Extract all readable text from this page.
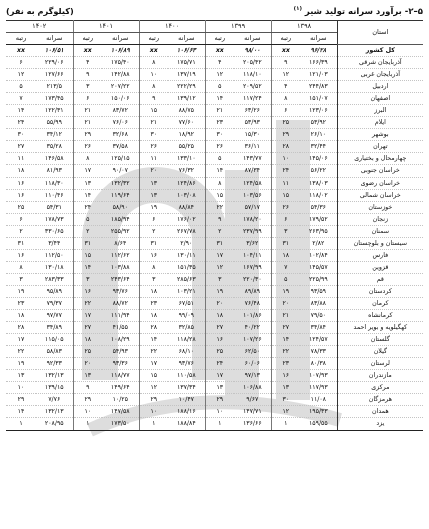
۵–۲- برآورد سرانه تولید شیر $^{(۱)}$
(کیلوگرم به نفر)
استان	۱۳۹۸		۱۳۹۹		۱۴۰۰		۱۴۰۱		۱۴۰۲	
	سرانه	رتبه	سرانه	رتبه	سرانه	رتبه	سرانه	رتبه	سرانه	رتبه
کل کشور	۹۶/۲۸	xx	۹۸/۰۰	xx	۱۰۶/۶۳	xx	۱۰۶/۸۹	xx	۱۰۶/۵۱	xx
آذربایجان شرقی	۱۶۶/۳۹	۹	۲۰۵/۴۲	۴	۱۷۵/۷۱	۸	۱۷۵/۴۰	۴	۲۲۹/۰۶	۶
آذربایجان غربی	۱۲۱/۰۳	۱۲	۱۱۸/۱۰	۱۲	۱۳۷/۱۹	۱۰	۱۴۲/۸۸	۹	۱۲۷/۶۶	۱۲
اردبیل	۲۴۴/۸۳	۴	۲۰۹/۵۲	۵	۲۲۲/۲۹	۸	۲۰۷/۲۲	۳	۲۱۳/۵	۵
اصفهان	۱۵۱/۰۷	۸	۱۱۷/۲۴	۱۴	۱۳۹/۱۲	۹	۱۵۰/۰۶	۶	۱۷۳/۴۵	۷
البرز	۱۲۳/۰۶	۶	۶۳/۲۶	۲۱	۸۸/۷۵	۱۵	۸۳/۷۲	۲۱	۱۲۲/۳۱	۱۴
ایلام	۵۳/۹۲	۲۵	۵۳/۹۳	۲۳	۷۷/۶۰	۲۱	۷۶/۰۶	۲۱	۵۵/۹۹	۲۴
بوشهر	۲۶/۱۰	۲۹	۱۵/۳۰	۳۰	۱۸/۹۲	۳۰	۳۲/۶۸	۲۹	۳۴/۱۲	۳۰
تهران	۳۲/۴۴	۲۸	۳۶/۱۱	۲۶	۵۵/۲۵	۲۶	۳۷/۵۸	۲۶	۳۵/۲۸	۲۷
چهارمحال و بختیاری	۱۴۵/۰۶	۱۰	۱۴۳/۷۷	۵	۱۳۳/۱۰	۱۱	۱۲۵/۱۵	۸	۱۴۶/۵۸	۱۱
خراسان جنوبی	۵۶/۲۲	۲۴	۸۷/۳۴	۱۴	۷۶/۳۲	۲۰	۹۰/۰۷	۱۷	۸۱/۹۳	۱۸
خراسان رضوی	۱۳۸/۰۳	۱۱	۱۲۴/۵۸	۸	۱۲۴/۸۶	۱۳	۱۳۲/۳۲	۱۳	۱۱۸/۳۰	۱۶
خراسان شمالی	۱۱۸/۰۲	۱۵	۱۰۳/۵۶	۱۵	۱۰۳/۰۸	۱۳	۱۱۹/۶۴	۱۴	۱۱۰/۴۶	۱۶
خوزستان	۵۴/۳۶	۲۶	۵۷/۱۷	۲۲	۸۸/۸۴	۱۹	۵۸/۹۰	۲۴	۵۴/۳۱	۲۵
زنجان	۱۷۹/۵۲	۶	۱۷۸/۲۰	۹	۱۷۶/۰۲	۶	۱۸۵/۹۴	۵	۱۷۸/۷۳	۶
سمنان	۲۶۳/۹۵	۳	۲۳۷/۹۹	۲	۲۶۷/۷۸	۲	۲۵۵/۹۲	۲	۳۳۰/۶۵	۲
سیستان و بلوچستان	۲/۸۲	۳۱	۳/۶۲	۳۱	۲/۹۰	۳۱	۸/۶۴	۳۱	۳/۴۴	۳۱
فارس	۱۰۲/۸۴	۱۸	۱۰۴/۱۱	۱۷	۱۳۰/۱۱	۱۶	۱۱۲/۶۲	۱۵	۱۱۲/۵۰	۱۶
قزوین	۱۴۵/۵۷	۷	۱۶۷/۹۹	۱۲	۱۵۱/۳۵	۸	۱۰۳/۸۸	۱۴	۱۳۰/۱۸	۸
قم	۲۲۵/۹۹	۵	۲۲۰/۳۰	۳	۲۸۵/۶۳	۳	۲۴۳/۶۴	۳	۲۸۳/۳۳	۳
کردستان	۹۳/۵۹	۱۹	۸۹/۸۹	۱۹	۱۰۳/۲۱	۱۸	۹۳/۷۶	۱۶	۹۵/۸۹	۱۹
کرمان	۸۳/۸۸	۲۰	۷۶/۴۸	۲۰	۶۷/۵۱	۲۳	۸۸/۷۲	۲۲	۷۹/۳۷	۲۳
کرمانشاه	۷۹/۵۰	۲۱	۱۰۱/۸۶	۱۸	۹۹/۰۹	۱۸	۱۱۱/۹۴	۱۷	۹۷/۷۷	۱۸
کهگیلویه و بویر احمد	۳۴/۸۴	۲۷	۴۰/۲۲	۲۷	۳۲/۸۵	۲۸	۴۱/۵۵	۲۷	۳۴/۸۹	۲۸
گلستان	۱۲۴/۵۷	۱۴	۱۰۷/۲۶	۱۶	۱۱۸/۲۸	۱۴	۱۰۸/۲۹	۱۸	۱۱۵/۰۵	۱۷
گیلان	۷۸/۳۳	۲۲	۶۲/۵۰	۲۵	۶۸/۱۰	۲۲	۵۴/۹۳	۲۵	۵۸/۸۳	۲۲
لرستان	۸۰/۳۸	۲۳	۶۰/۰۶	۲۴	۹۳/۷۶	۱۷	۹۳/۳۶	۲۰	۹۲/۳۳	۱۹
مازندران	۱۰۷/۹۳	۱۶	۹۷/۱۳	۱۷	۱۱۰/۵۸	۱۵	۱۱۸/۷۷	۱۳	۱۳۲/۱۳	۱۳
مرکزی	۱۱۷/۹۳	۱۳	۱۰۶/۸۸	۱۳	۱۳۷/۳۴	۱۲	۱۴۹/۶۴	۹	۱۳۹/۱۵	۱۰
هرمزگان	۱۱/۰۸	۳۰	۹/۶۷	۲۹	۱۰/۴۷	۲۹	۱۰/۲۵	۲۹	۷/۷۶	۲۹
همدان	۱۹۵/۳۳	۱۲	۱۴۷/۷۱	۱۰	۱۸۸/۱۶	۱۰	۱۴۷/۵۸	۱۰	۱۳۲/۱۳	۱۴
یزد	۱۵۹/۵۵	۱	۱۳۶/۶۶	۱	۱۸۸/۸۴	۱	۱۷۳/۵۰	۱	۲۰۸/۹۵	۱
